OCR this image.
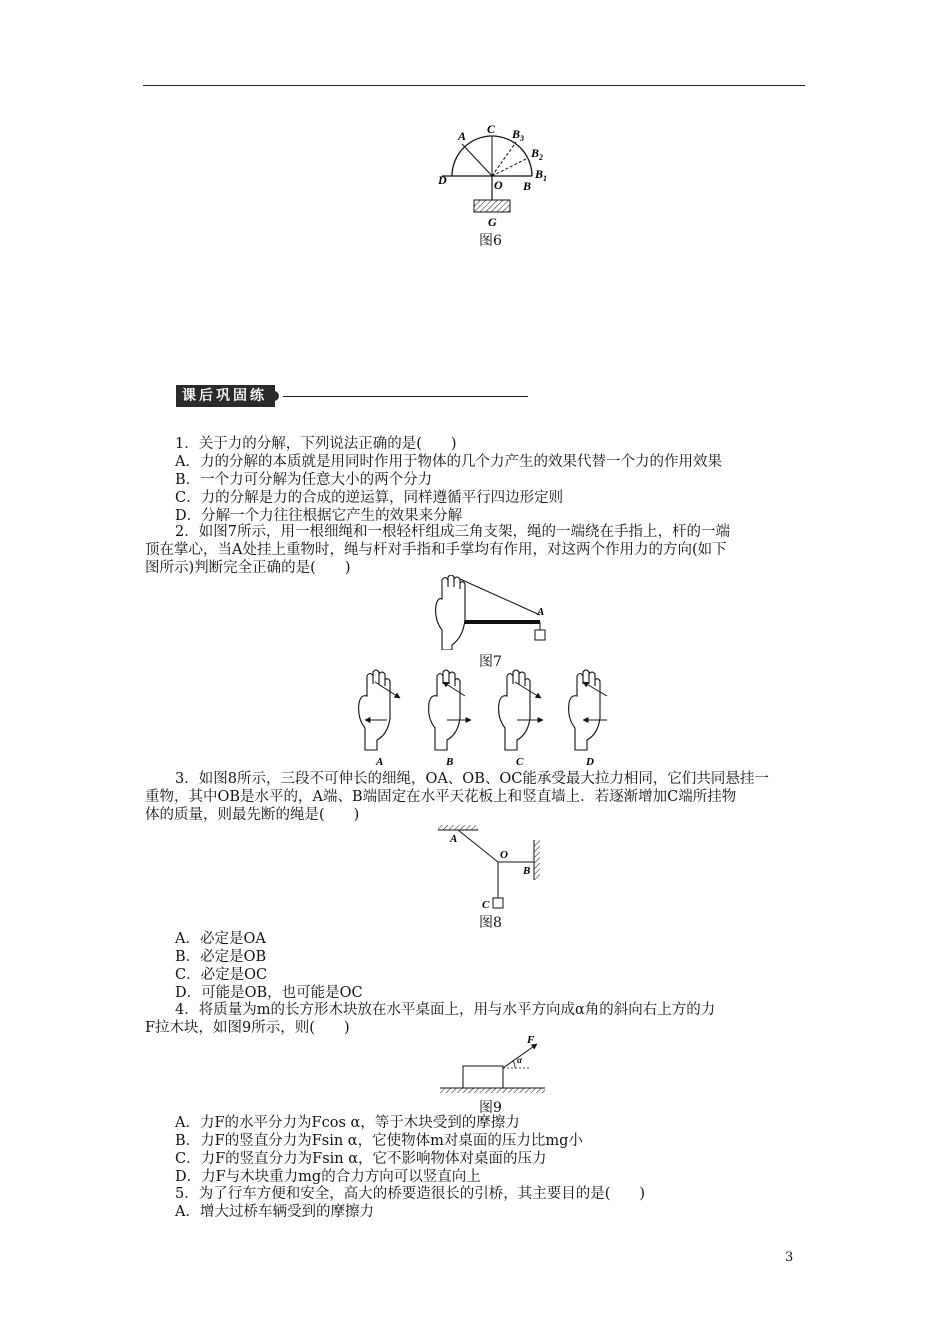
A C B 3
B 2
B 1
D	O B
G
图6
课后巩固练
1．关于力的分解，下列说法正确的是(　　)
A．力的分解的本质就是用同时作用于物体的几个力产生的效果代替一个力的作用效果
B．一个力可分解为任意大小的两个分力
C．力的分解是力的合成的逆运算，同样遵循平行四边形定则
D．分解一个力往往根据它产生的效果来分解
2．如图7所示，用一根细绳和一根轻杆组成三角支架，绳的一端绕在手指上，杆的一端
顶在掌心，当A处挂上重物时，绳与杆对手指和手掌均有作用，对这两个作用力的方向(如下
图所示)判断完全正确的是(　　)
A
图7
A	B	C	D
3．如图8所示，三段不可伸长的细绳，OA、OB、OC能承受最大拉力相同，它们共同悬挂一
重物，其中OB是水平的，A端、B端固定在水平天花板上和竖直墙上．若逐渐增加C端所挂物
体的质量，则最先断的绳是(　　)
A
O
B
C
图8
A．必定是OA
B．必定是OB
C．必定是OC
D．可能是OB，也可能是OC
4．将质量为m的长方形木块放在水平桌面上，用与水平方向成α角的斜向右上方的力
F拉木块，如图9所示，则(　　)
F
α
图9
A．力F的水平分力为Fcos α，等于木块受到的摩擦力
B．力F的竖直分力为Fsin α，它使物体m对桌面的压力比mg小
C．力F的竖直分力为Fsin α，它不影响物体对桌面的压力
D．力F与木块重力mg的合力方向可以竖直向上
5．为了行车方便和安全，高大的桥要造很长的引桥，其主要目的是(　　)
A．增大过桥车辆受到的摩擦力
3
